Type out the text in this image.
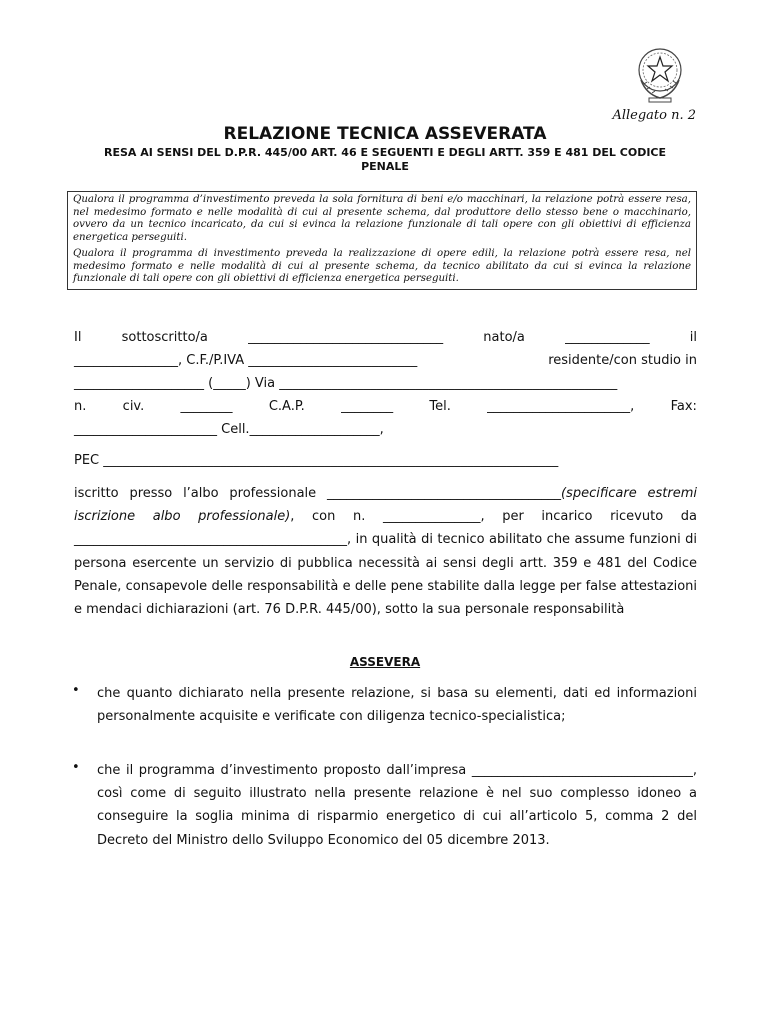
Allegato n. 2
RELAZIONE TECNICA ASSEVERATA
RESA AI SENSI DEL D.P.R. 445/00 ART. 46 E SEGUENTI E DEGLI ARTT. 359 E 481 DEL CODICE PENALE

Qualora il programma d’investimento preveda la sola fornitura di beni e/o macchinari, la relazione potrà essere resa, nel medesimo formato e nelle modalità di cui al presente schema, dal produttore dello stesso bene o macchinario, ovvero da un tecnico incaricato, da cui si evinca la relazione funzionale di tali opere con gli obiettivi di efficienza energetica perseguiti.

Qualora il programma di investimento preveda la realizzazione di opere edili, la relazione potrà essere resa, nel medesimo formato e nelle modalità di cui al presente schema, da tecnico abilitato da cui si evinca la relazione funzionale di tali opere con gli obiettivi di efficienza energetica perseguiti.

Il	sottoscritto/a	______________________________	nato/a	_____________	il
________________, C.F./P.IVA __________________________	residente/con studio in
____________________ (_____) Via ____________________________________________________
n.	civ.	________	C.A.P.	________	Tel.	______________________,	Fax:
______________________ Cell.____________________,
PEC ______________________________________________________________________

iscritto presso l’albo professionale ____________________________________(specificare estremi iscrizione albo professionale), con n. _______________, per incarico ricevuto da __________________________________________, in qualità di tecnico abilitato che assume funzioni di persona esercente un servizio di pubblica necessità ai sensi degli artt. 359 e 481 del Codice Penale, consapevole delle responsabilità e delle pene stabilite dalla legge per false attestazioni e mendaci dichiarazioni (art. 76 D.P.R. 445/00), sotto la sua personale responsabilità

ASSEVERA
• che quanto dichiarato nella presente relazione, si basa su elementi, dati ed informazioni personalmente acquisite e verificate con diligenza tecnico-specialistica;

• che il programma d’investimento proposto dall’impresa __________________________________, così come di seguito illustrato nella presente relazione è nel suo complesso idoneo a conseguire la soglia minima di risparmio energetico di cui all’articolo 5, comma 2 del Decreto del Ministro dello Sviluppo Economico del 05 dicembre 2013.
